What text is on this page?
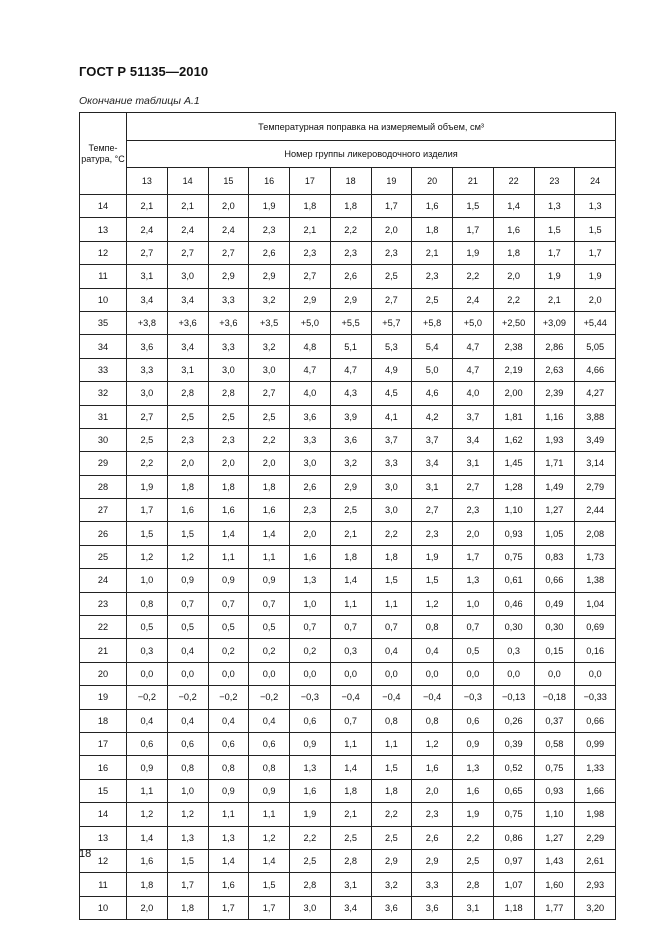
ГОСТ Р 51135—2010
Окончание таблицы А.1
Темпе-ратура, °С	Температурная поправка на измеряемый объем, см³												
	Номер группы ликероводочного изделия												
	13	14	15	16	17	18	19	20	21	22	23	24	
14	2,1	2,1	2,0	1,9	1,8	1,8	1,7	1,6	1,5	1,4	1,3	1,3	
13	2,4	2,4	2,4	2,3	2,1	2,2	2,0	1,8	1,7	1,6	1,5	1,5	
12	2,7	2,7	2,7	2,6	2,3	2,3	2,3	2,1	1,9	1,8	1,7	1,7	
11	3,1	3,0	2,9	2,9	2,7	2,6	2,5	2,3	2,2	2,0	1,9	1,9	
10	3,4	3,4	3,3	3,2	2,9	2,9	2,7	2,5	2,4	2,2	2,1	2,0	
35	+3,8	+3,6	+3,6	+3,5	+5,0	+5,5	+5,7	+5,8	+5,0	+2,50	+3,09	+5,44	
34	3,6	3,4	3,3	3,2	4,8	5,1	5,3	5,4	4,7	2,38	2,86	5,05	
33	3,3	3,1	3,0	3,0	4,7	4,7	4,9	5,0	4,7	2,19	2,63	4,66	
32	3,0	2,8	2,8	2,7	4,0	4,3	4,5	4,6	4,0	2,00	2,39	4,27	
31	2,7	2,5	2,5	2,5	3,6	3,9	4,1	4,2	3,7	1,81	1,16	3,88	
30	2,5	2,3	2,3	2,2	3,3	3,6	3,7	3,7	3,4	1,62	1,93	3,49	
29	2,2	2,0	2,0	2,0	3,0	3,2	3,3	3,4	3,1	1,45	1,71	3,14	
28	1,9	1,8	1,8	1,8	2,6	2,9	3,0	3,1	2,7	1,28	1,49	2,79	
27	1,7	1,6	1,6	1,6	2,3	2,5	3,0	2,7	2,3	1,10	1,27	2,44	
26	1,5	1,5	1,4	1,4	2,0	2,1	2,2	2,3	2,0	0,93	1,05	2,08	
25	1,2	1,2	1,1	1,1	1,6	1,8	1,8	1,9	1,7	0,75	0,83	1,73	
24	1,0	0,9	0,9	0,9	1,3	1,4	1,5	1,5	1,3	0,61	0,66	1,38	
23	0,8	0,7	0,7	0,7	1,0	1,1	1,1	1,2	1,0	0,46	0,49	1,04	
22	0,5	0,5	0,5	0,5	0,7	0,7	0,7	0,8	0,7	0,30	0,30	0,69	
21	0,3	0,4	0,2	0,2	0,2	0,3	0,4	0,4	0,5	0,3	0,15	0,16	
20	0,0	0,0	0,0	0,0	0,0	0,0	0,0	0,0	0,0	0,0	0,0	0,0	
19	−0,2	−0,2	−0,2	−0,2	−0,3	−0,4	−0,4	−0,4	−0,3	−0,13	−0,18	−0,33	
18	0,4	0,4	0,4	0,4	0,6	0,7	0,8	0,8	0,6	0,26	0,37	0,66	
17	0,6	0,6	0,6	0,6	0,9	1,1	1,1	1,2	0,9	0,39	0,58	0,99	
16	0,9	0,8	0,8	0,8	1,3	1,4	1,5	1,6	1,3	0,52	0,75	1,33	
15	1,1	1,0	0,9	0,9	1,6	1,8	1,8	2,0	1,6	0,65	0,93	1,66	
14	1,2	1,2	1,1	1,1	1,9	2,1	2,2	2,3	1,9	0,75	1,10	1,98	
13	1,4	1,3	1,3	1,2	2,2	2,5	2,5	2,6	2,2	0,86	1,27	2,29	
12	1,6	1,5	1,4	1,4	2,5	2,8	2,9	2,9	2,5	0,97	1,43	2,61	
11	1,8	1,7	1,6	1,5	2,8	3,1	3,2	3,3	2,8	1,07	1,60	2,93	
10	2,0	1,8	1,7	1,7	3,0	3,4	3,6	3,6	3,1	1,18	1,77	3,20	
18
